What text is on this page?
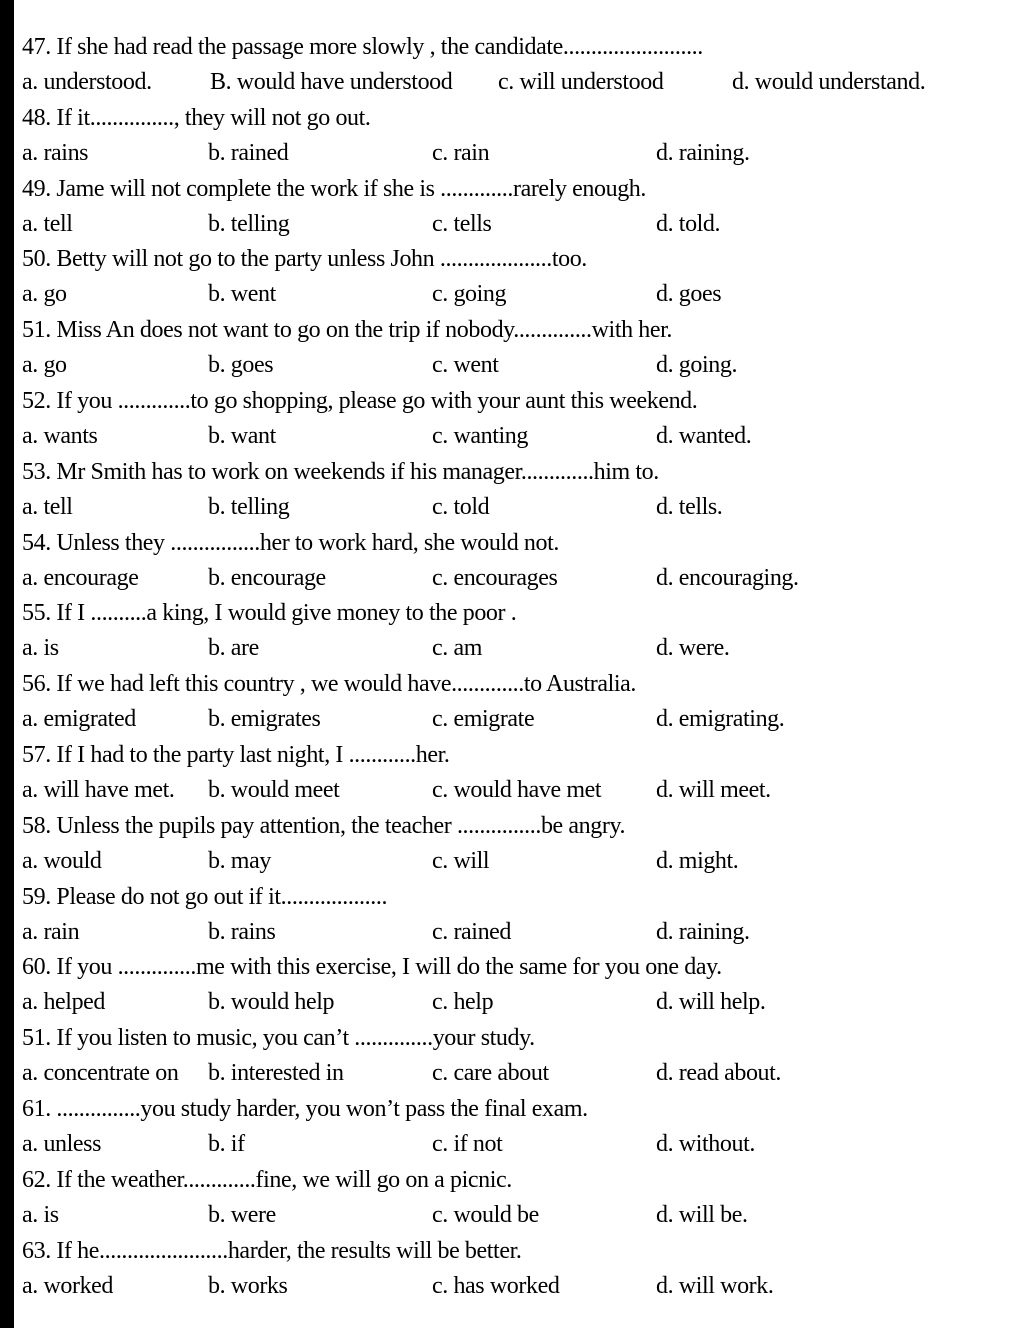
47. If she had read the passage more slowly , the candidate.........................
a. understood. B. would have understood c. will understood	d. would understand.
48. If it..............., they will not go out.
a. rains	b. rained	c. rain	d. raining.
49. Jame will not complete the work if she is .............rarely enough.
a. tell	b. telling	c. tells	d. told.
50. Betty will not go to the party unless John ....................too.
a. go	b. went	c. going	d. goes
51. Miss An does not want to go on the trip if nobody..............with her.
a. go	b. goes	c. went	d. going.
52. If you .............to go shopping, please go with your aunt this weekend.
a. wants	b. want	c. wanting	d. wanted.
53. Mr Smith has to work on weekends if his manager.............him to.
a. tell	b. telling	c. told	d. tells.
54. Unless they ................her to work hard, she would not.
a. encourage	b. encourage	c. encourages	d. encouraging.
55. If I ..........a king, I would give money to the poor .
a. is	b. are	c. am	d. were.
56. If we had left this country , we would have.............to Australia.
a. emigrated	b. emigrates	c. emigrate	d. emigrating.
57. If I had to the party last night, I ............her.
a. will have met. b. would meet	c. would have met d. will meet.
58. Unless the pupils pay attention, the teacher ...............be angry.
a. would	b. may	c. will	d. might.
59. Please do not go out if it...................
a. rain	b. rains	c. rained	d. raining.
60. If you ..............me with this exercise, I will do the same for you one day.
a. helped	b. would help	c. help	d. will help.
51. If you listen to music, you can’t ..............your study.
a. concentrate on b. interested in	c. care about	d. read about.
61. ...............you study harder, you won’t pass the final exam.
a. unless	b. if	c. if not	d. without.
62. If the weather.............fine, we will go on a picnic.
a. is	b. were	c. would be	d. will be.
63. If he.......................harder, the results will be better.
a. worked	b. works	c. has worked	d. will work.
